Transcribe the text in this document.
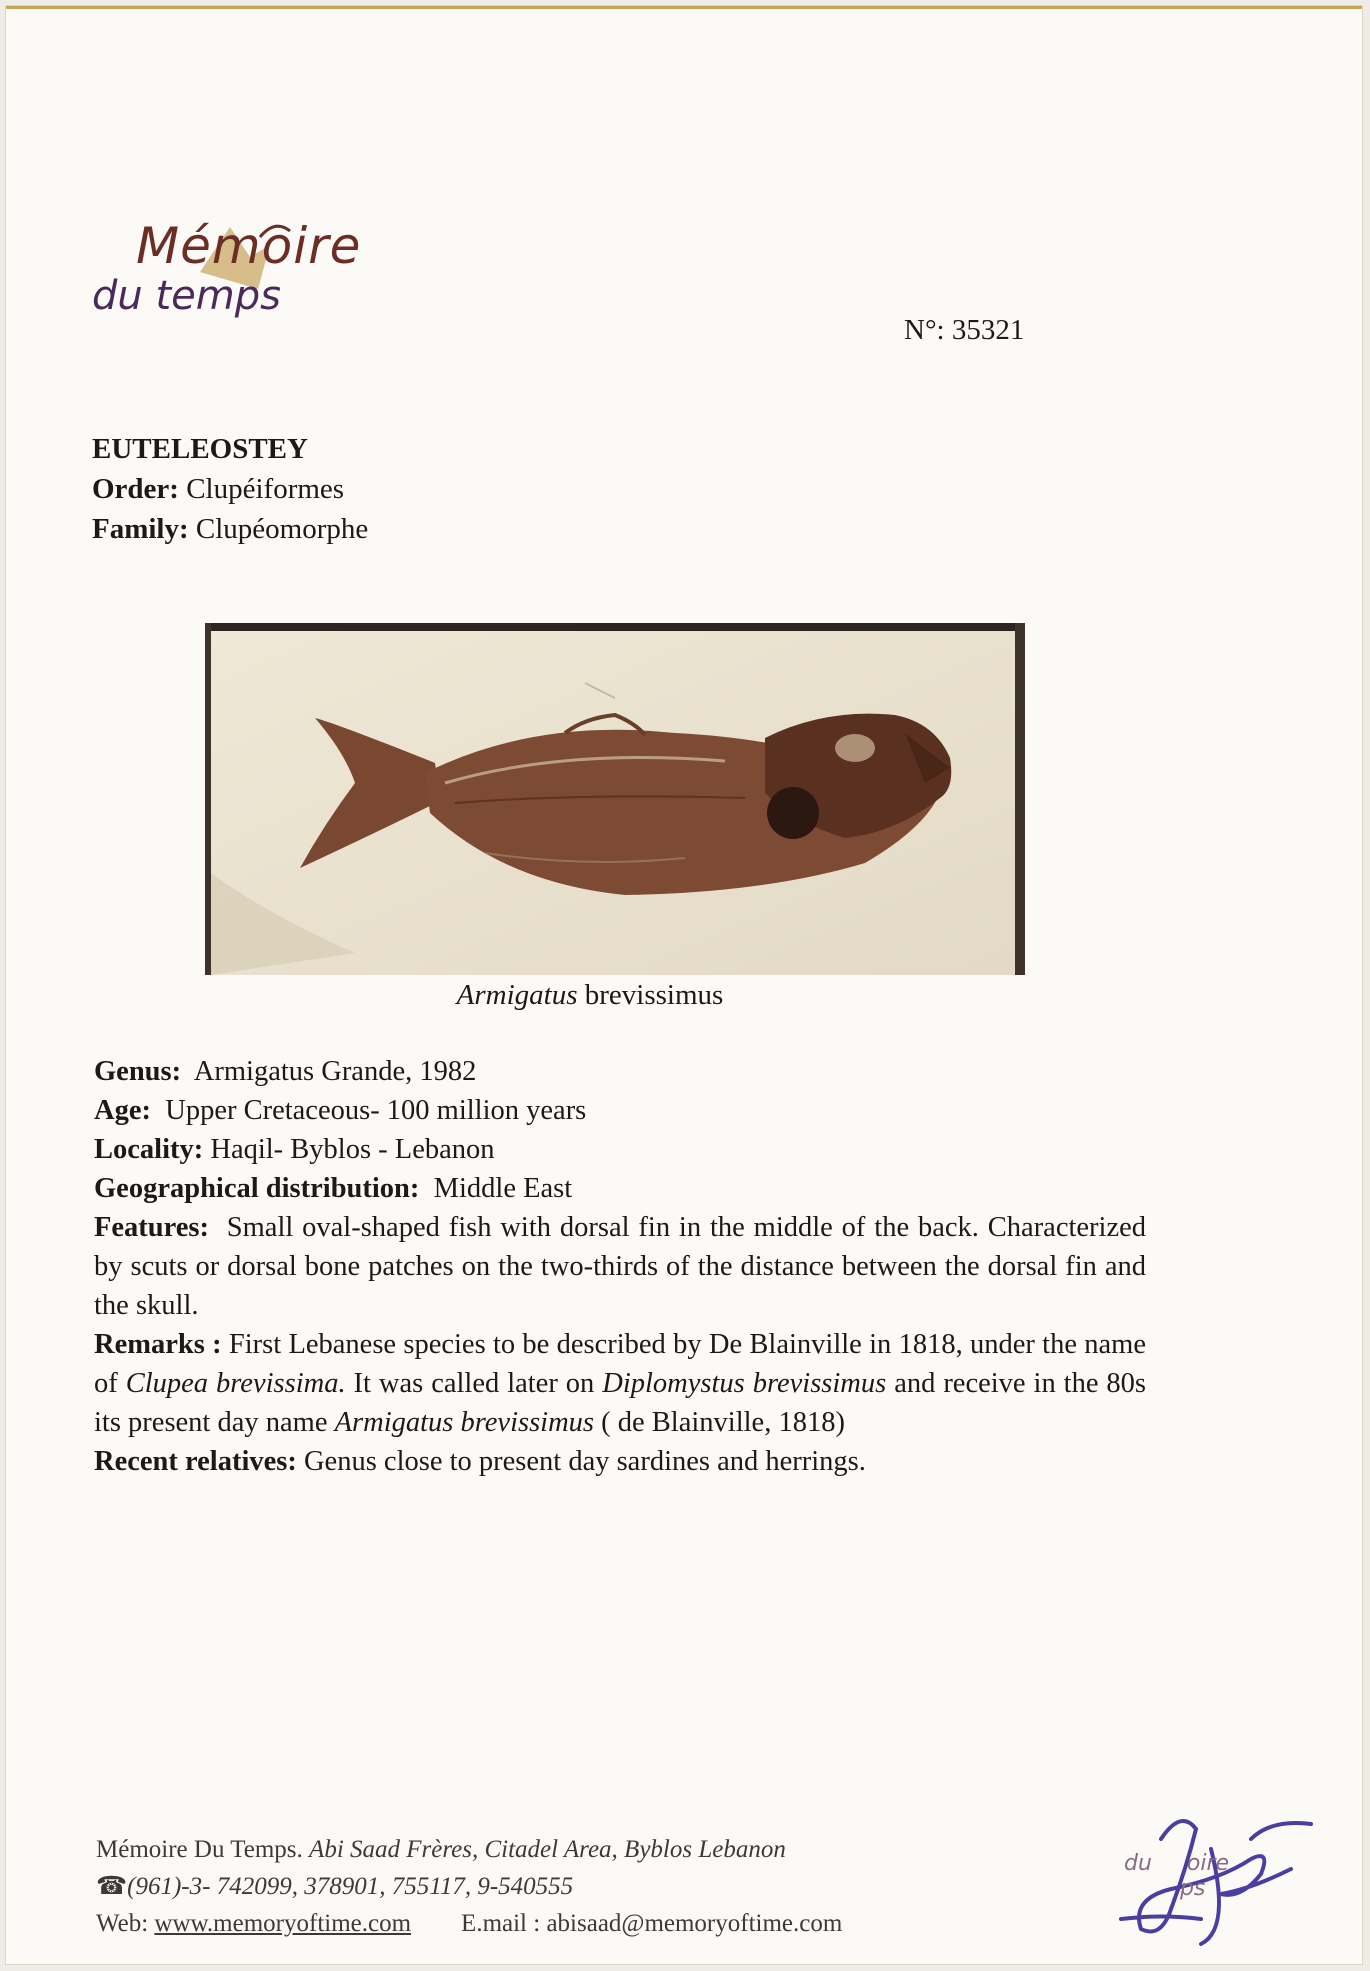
Mémoire
du temps
N°: 35321
EUTELEOSTEY
Order: Clupéiformes
Family: Clupéomorphe
Armigatus brevissimus

Genus: Armigatus Grande, 1982

Age: Upper Cretaceous- 100 million years

Locality: Haqil- Byblos - Lebanon

Geographical distribution: Middle East

Features: Small oval-shaped fish with dorsal fin in the middle of the back. Characterized by scuts or dorsal bone patches on the two-thirds of the distance between the dorsal fin and the skull.

Remarks : First Lebanese species to be described by De Blainville in 1818, under the name of Clupea brevissima. It was called later on Diplomystus brevissimus and receive in the 80s its present day name Armigatus brevissimus ( de Blainville, 1818)

Recent relatives: Genus close to present day sardines and herrings.

Mémoire Du Temps. Abi Saad Frères, Citadel Area, Byblos Lebanon
☎(961)-3- 742099, 378901, 755117, 9-540555
Web: www.memoryoftime.com E.mail : abisaad@memoryoftime.com
du     oire
ps
